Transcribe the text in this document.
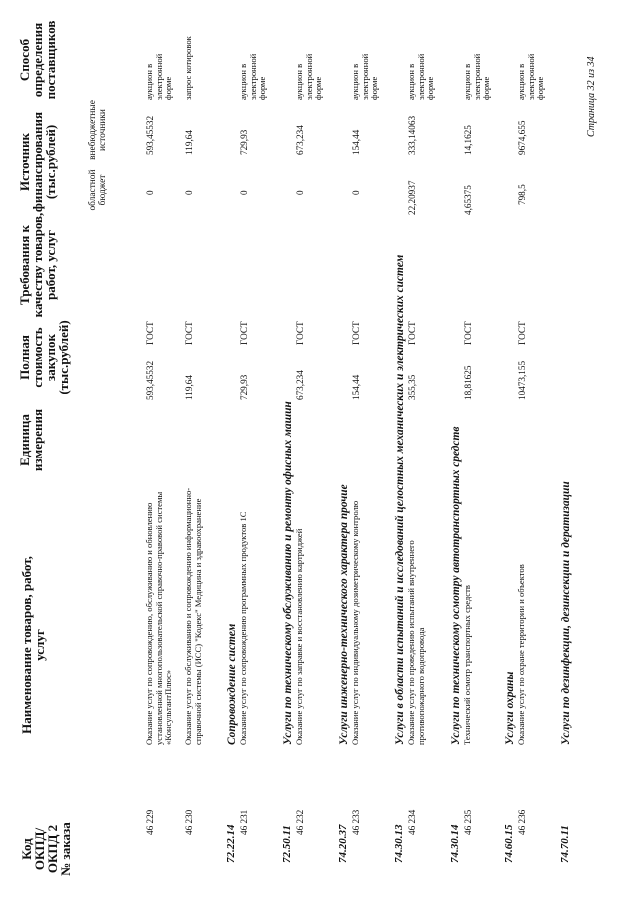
Код ОКПД/ ОКПД 2 № заказа
Наименование товаров, работ, услуг
Единица измерения
Полная стоимость закупок (тыс.рублей)
Требования к качеству товаров, работ, услуг
Источник финансирования (тыс.рублей)	областной бюджет
внебюджетные источники
Способ определения поставщиков
46 229
Оказание услуг по сопровождению, обслуживанию и обновлению установленной многопользовательской справочно-правовой системы «КонсультантПлюс»
593,45532
ГОСТ
0
593,45532
аукцион в электронной форме
46 230
Оказание услуг по обслуживанию и сопровождению информационно-справочной системы (ИСС) "Кодекс" Медицина и здравоохранение
119,64
ГОСТ
0
119,64
запрос котировок
72.22.14
Сопровождение систем
46 231
Оказание услуг по сопровождению программных продуктов 1С
729,93
ГОСТ
0
729,93
аукцион в электронной форме
72.50.11
Услуги по техническому обслуживанию и ремонту офисных машин
46 232
Оказание услуг по заправке и восстановлению картриджей
673,234
ГОСТ
0
673,234
аукцион в электронной форме
74.20.37
Услуги инженерно-технического характера прочие
46 233
Оказание услуг по индивидуальному дозиметрическому контролю
154,44
ГОСТ
0
154,44
аукцион в электронной форме
74.30.13
Услуги в области испытаний и исследований целостных механических и электрических систем
46 234
Оказание услуг по проведению испытаний внутреннего противопожарного водопровода
355,35
ГОСТ
22,20937
333,14063
аукцион в электронной форме
74.30.14
Услуги по техническому осмотру автотранспортных средств
46 235
Технический осмотр транспортных средств
18,81625
ГОСТ
4,65375
14,1625
аукцион в электронной форме
74.60.15
Услуги охраны
46 236
Оказание услуг по охране территории и объектов
10473,155
ГОСТ
798,5
9674,655
аукцион в электронной форме
74.70.11
Услуги по дезинфекции, дезинсекции и дератизации
Страница 32 из 34
